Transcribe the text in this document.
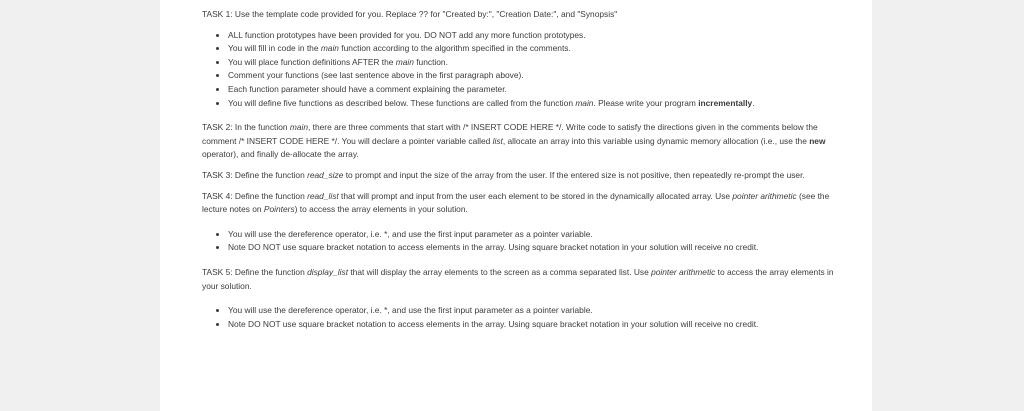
TASK 1: Use the template code provided for you. Replace ?? for "Created by:", "Creation Date:", and "Synopsis"

• ALL function prototypes have been provided for you. DO NOT add any more function prototypes.
• You will fill in code in the main function according to the algorithm specified in the comments.
• You will place function definitions AFTER the main function.
• Comment your functions (see last sentence above in the first paragraph above).
• Each function parameter should have a comment explaining the parameter.
• You will define five functions as described below. These functions are called from the function main. Please write your program incrementally.

TASK 2: In the function main, there are three comments that start with /* INSERT CODE HERE */. Write code to satisfy the directions given in the comments below the comment /* INSERT CODE HERE */. You will declare a pointer variable called list, allocate an array into this variable using dynamic memory allocation (i.e., use the new operator), and finally de-allocate the array.

TASK 3: Define the function read_size to prompt and input the size of the array from the user. If the entered size is not positive, then repeatedly re-prompt the user.

TASK 4: Define the function read_list that will prompt and input from the user each element to be stored in the dynamically allocated array. Use pointer arithmetic (see the lecture notes on Pointers) to access the array elements in your solution.

• You will use the dereference operator, i.e. *, and use the first input parameter as a pointer variable.
• Note DO NOT use square bracket notation to access elements in the array. Using square bracket notation in your solution will receive no credit.

TASK 5: Define the function display_list that will display the array elements to the screen as a comma separated list. Use pointer arithmetic to access the array elements in your solution.

• You will use the dereference operator, i.e. *, and use the first input parameter as a pointer variable.
• Note DO NOT use square bracket notation to access elements in the array. Using square bracket notation in your solution will receive no credit.
